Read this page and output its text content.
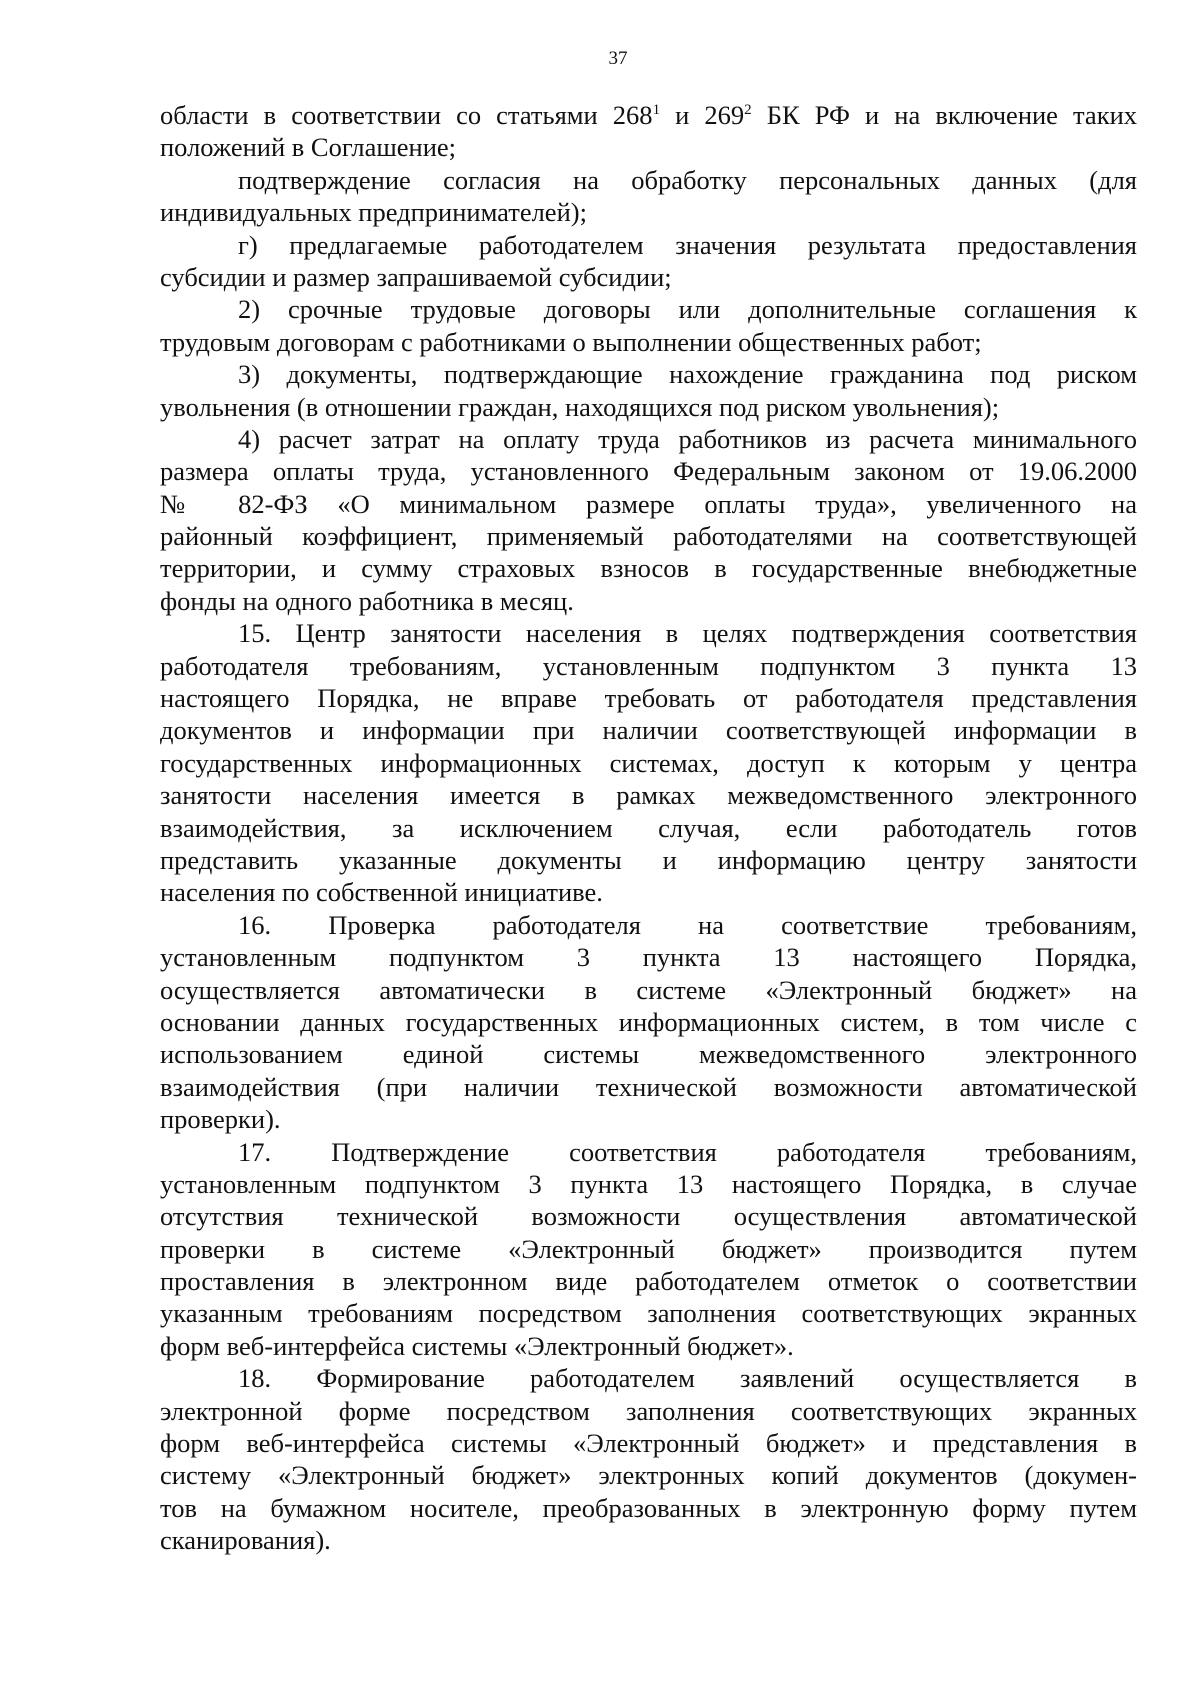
37
области в соответствии со статьями $268^1$ и $269^2$ БК РФ и на включение таких
положений в Соглашение;
подтверждение согласия на обработку персональных данных (для
индивидуальных предпринимателей);
г) предлагаемые работодателем значения результата предоставления
субсидии и размер запрашиваемой субсидии;
2) срочные трудовые договоры или дополнительные соглашения к
трудовым договорам с работниками о выполнении общественных работ;
3) документы, подтверждающие нахождение гражданина под риском
увольнения (в отношении граждан, находящихся под риском увольнения);
4) расчет затрат на оплату труда работников из расчета минимального
размера оплаты труда, установленного Федеральным законом от 19.06.2000
№ 82-ФЗ «О минимальном размере оплаты труда», увеличенного на
районный коэффициент, применяемый работодателями на соответствующей
территории, и сумму страховых взносов в государственные внебюджетные
фонды на одного работника в месяц.
15. Центр занятости населения в целях подтверждения соответствия
работодателя требованиям, установленным подпунктом 3 пункта 13
настоящего Порядка, не вправе требовать от работодателя представления
документов и информации при наличии соответствующей информации в
государственных информационных системах, доступ к которым у центра
занятости населения имеется в рамках межведомственного электронного
взаимодействия, за исключением случая, если работодатель готов
представить указанные документы и информацию центру занятости
населения по собственной инициативе.
16. Проверка работодателя на соответствие требованиям,
установленным подпунктом 3 пункта 13 настоящего Порядка,
осуществляется автоматически в системе «Электронный бюджет» на
основании данных государственных информационных систем, в том числе с
использованием единой системы межведомственного электронного
взаимодействия (при наличии технической возможности автоматической
проверки).
17. Подтверждение соответствия работодателя требованиям,
установленным подпунктом 3 пункта 13 настоящего Порядка, в случае
отсутствия технической возможности осуществления автоматической
проверки в системе «Электронный бюджет» производится путем
проставления в электронном виде работодателем отметок о соответствии
указанным требованиям посредством заполнения соответствующих экранных
форм веб-интерфейса системы «Электронный бюджет».
18. Формирование работодателем заявлений осуществляется в
электронной форме посредством заполнения соответствующих экранных
форм веб-интерфейса системы «Электронный бюджет» и представления в
систему «Электронный бюджет» электронных копий документов (докумен-
тов на бумажном носителе, преобразованных в электронную форму путем
сканирования).
